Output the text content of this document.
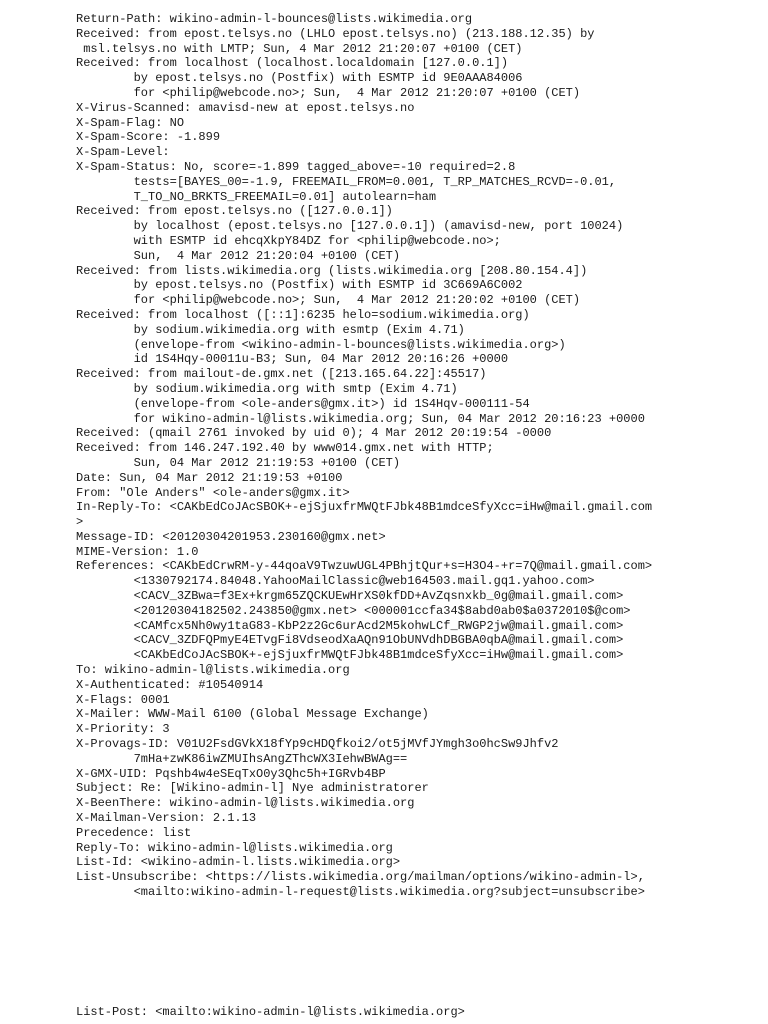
Return-Path: wikino-admin-l-bounces@lists.wikimedia.org
Received: from epost.telsys.no (LHLO epost.telsys.no) (213.188.12.35) by
msl.telsys.no with LMTP; Sun, 4 Mar 2012 21:20:07 +0100 (CET)
Received: from localhost (localhost.localdomain [127.0.0.1])
by epost.telsys.no (Postfix) with ESMTP id 9E0AAA84006
for <philip@webcode.no>; Sun,  4 Mar 2012 21:20:07 +0100 (CET)
X-Virus-Scanned: amavisd-new at epost.telsys.no
X-Spam-Flag: NO
X-Spam-Score: -1.899
X-Spam-Level:
X-Spam-Status: No, score=-1.899 tagged_above=-10 required=2.8
tests=[BAYES_00=-1.9, FREEMAIL_FROM=0.001, T_RP_MATCHES_RCVD=-0.01,
T_TO_NO_BRKTS_FREEMAIL=0.01] autolearn=ham
Received: from epost.telsys.no ([127.0.0.1])
by localhost (epost.telsys.no [127.0.0.1]) (amavisd-new, port 10024)
with ESMTP id ehcqXkpY84DZ for <philip@webcode.no>;
Sun,  4 Mar 2012 21:20:04 +0100 (CET)
Received: from lists.wikimedia.org (lists.wikimedia.org [208.80.154.4])
by epost.telsys.no (Postfix) with ESMTP id 3C669A6C002
for <philip@webcode.no>; Sun,  4 Mar 2012 21:20:02 +0100 (CET)
Received: from localhost ([::1]:6235 helo=sodium.wikimedia.org)
by sodium.wikimedia.org with esmtp (Exim 4.71)
(envelope-from <wikino-admin-l-bounces@lists.wikimedia.org>)
id 1S4Hqy-00011u-B3; Sun, 04 Mar 2012 20:16:26 +0000
Received: from mailout-de.gmx.net ([213.165.64.22]:45517)
by sodium.wikimedia.org with smtp (Exim 4.71)
(envelope-from <ole-anders@gmx.it>) id 1S4Hqv-000111-54
for wikino-admin-l@lists.wikimedia.org; Sun, 04 Mar 2012 20:16:23 +0000
Received: (qmail 2761 invoked by uid 0); 4 Mar 2012 20:19:54 -0000
Received: from 146.247.192.40 by www014.gmx.net with HTTP;
Sun, 04 Mar 2012 21:19:53 +0100 (CET)
Date: Sun, 04 Mar 2012 21:19:53 +0100
From: "Ole Anders" <ole-anders@gmx.it>
In-Reply-To: <CAKbEdCoJAcSBOK+-ejSjuxfrMWQtFJbk48B1mdceSfyXcc=iHw@mail.gmail.com
>
Message-ID: <20120304201953.230160@gmx.net>
MIME-Version: 1.0
References: <CAKbEdCrwRM-y-44qoaV9TwzuwUGL4PBhjtQur+s=H3O4-+r=7Q@mail.gmail.com>
<1330792174.84048.YahooMailClassic@web164503.mail.gq1.yahoo.com>
<CACV_3ZBwa=f3Ex+krgm65ZQCKUEwHrXS0kfDD+AvZqsnxkb_0g@mail.gmail.com>
<20120304182502.243850@gmx.net> <000001ccfa34$8abd0ab0$a0372010$@com>
<CAMfcx5Nh0wy1taG83-KbP2z2Gc6urAcd2M5kohwLCf_RWGP2jw@mail.gmail.com>
<CACV_3ZDFQPmyE4ETvgFi8VdseodXaAQn91ObUNVdhDBGBA0qbA@mail.gmail.com>
<CAKbEdCoJAcSBOK+-ejSjuxfrMWQtFJbk48B1mdceSfyXcc=iHw@mail.gmail.com>
To: wikino-admin-l@lists.wikimedia.org
X-Authenticated: #10540914
X-Flags: 0001
X-Mailer: WWW-Mail 6100 (Global Message Exchange)
X-Priority: 3
X-Provags-ID: V01U2FsdGVkX18fYp9cHDQfkoi2/ot5jMVfJYmgh3o0hcSw9Jhfv2
7mHa+zwK86iwZMUIhsAngZThcWX3IehwBWAg==
X-GMX-UID: Pqshb4w4eSEqTxO0y3Qhc5h+IGRvb4BP
Subject: Re: [Wikino-admin-l] Nye administratorer
X-BeenThere: wikino-admin-l@lists.wikimedia.org
X-Mailman-Version: 2.1.13
Precedence: list
Reply-To: wikino-admin-l@lists.wikimedia.org
List-Id: <wikino-admin-l.lists.wikimedia.org>
List-Unsubscribe: <https://lists.wikimedia.org/mailman/options/wikino-admin-l>,
<mailto:wikino-admin-l-request@lists.wikimedia.org?subject=unsubscribe>
List-Post: <mailto:wikino-admin-l@lists.wikimedia.org>
